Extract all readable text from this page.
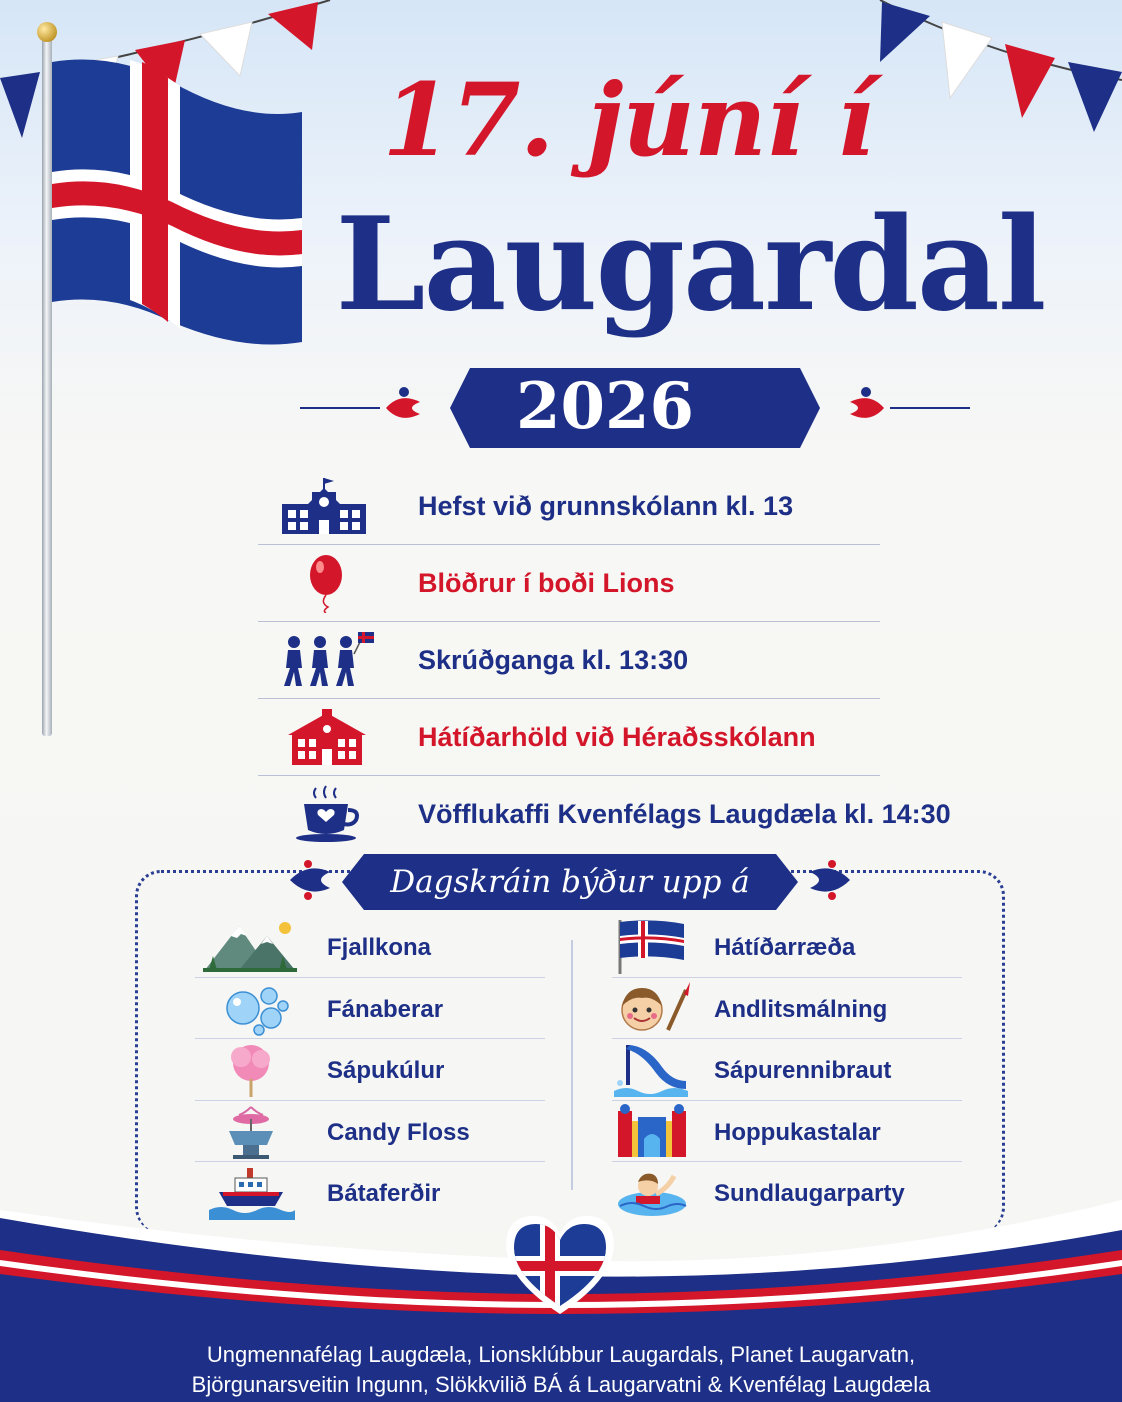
17. júní í
Laugardal
2026
Hefst við grunnskólann kl. 13
Blöðrur í boði Lions
Skrúðganga kl. 13:30
Hátíðarhöld við Héraðsskólann
Vöfflukaffi Kvenfélags Laugdæla kl. 14:30
Dagskráin býður upp á
Fjallkona
Fánaberar
Sápukúlur
Candy Floss
Bátaferðir
Hátíðarræða
Andlitsmálning
Sápurennibraut
Hoppukastalar
Sundlaugarparty
Ungmennafélag Laugdæla, Lionsklúbbur Laugardals, Planet Laugarvatn,
Björgunarsveitin Ingunn, Slökkvilið BÁ á Laugarvatni & Kvenfélag Laugdæla
